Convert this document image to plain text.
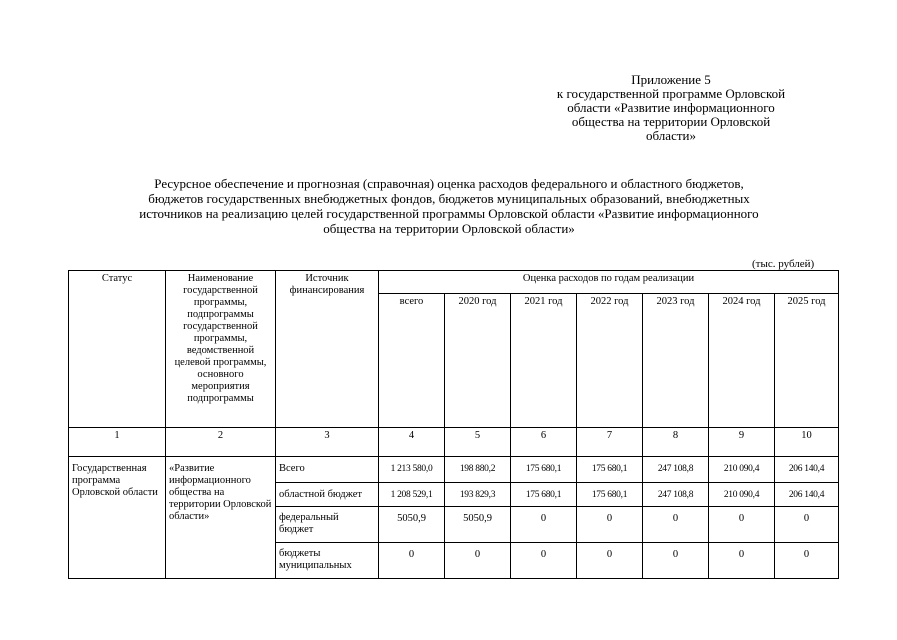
Приложение 5
к государственной программе Орловской
области «Развитие информационного
общества на территории Орловской
области»
Ресурсное обеспечение и прогнозная (справочная) оценка расходов федерального и областного бюджетов,
бюджетов государственных внебюджетных фондов, бюджетов муниципальных образований, внебюджетных
источников на реализацию целей государственной программы Орловской области «Развитие информационного
общества на территории Орловской области»
(тыс. рублей)
Статус	Наименование государственной программы, подпрограммы государственной программы, ведомственной целевой программы, основного мероприятия подпрограммы	Источник финансирования	Оценка расходов по годам реализации						
			всего	2020 год	2021 год	2022 год	2023 год	2024 год	2025 год
1	2	3	4	5	6	7	8	9	10
Государственная программа Орловской области	«Развитие информационного общества на территории Орловской области»	Всего	1 213 580,0	198 880,2	175 680,1	175 680,1	247 108,8	210 090,4	206 140,4
		областной бюджет	1 208 529,1	193 829,3	175 680,1	175 680,1	247 108,8	210 090,4	206 140,4
		федеральный бюджет	5050,9	5050,9	0	0	0	0	0
		бюджеты муниципальных	0	0	0	0	0	0	0
